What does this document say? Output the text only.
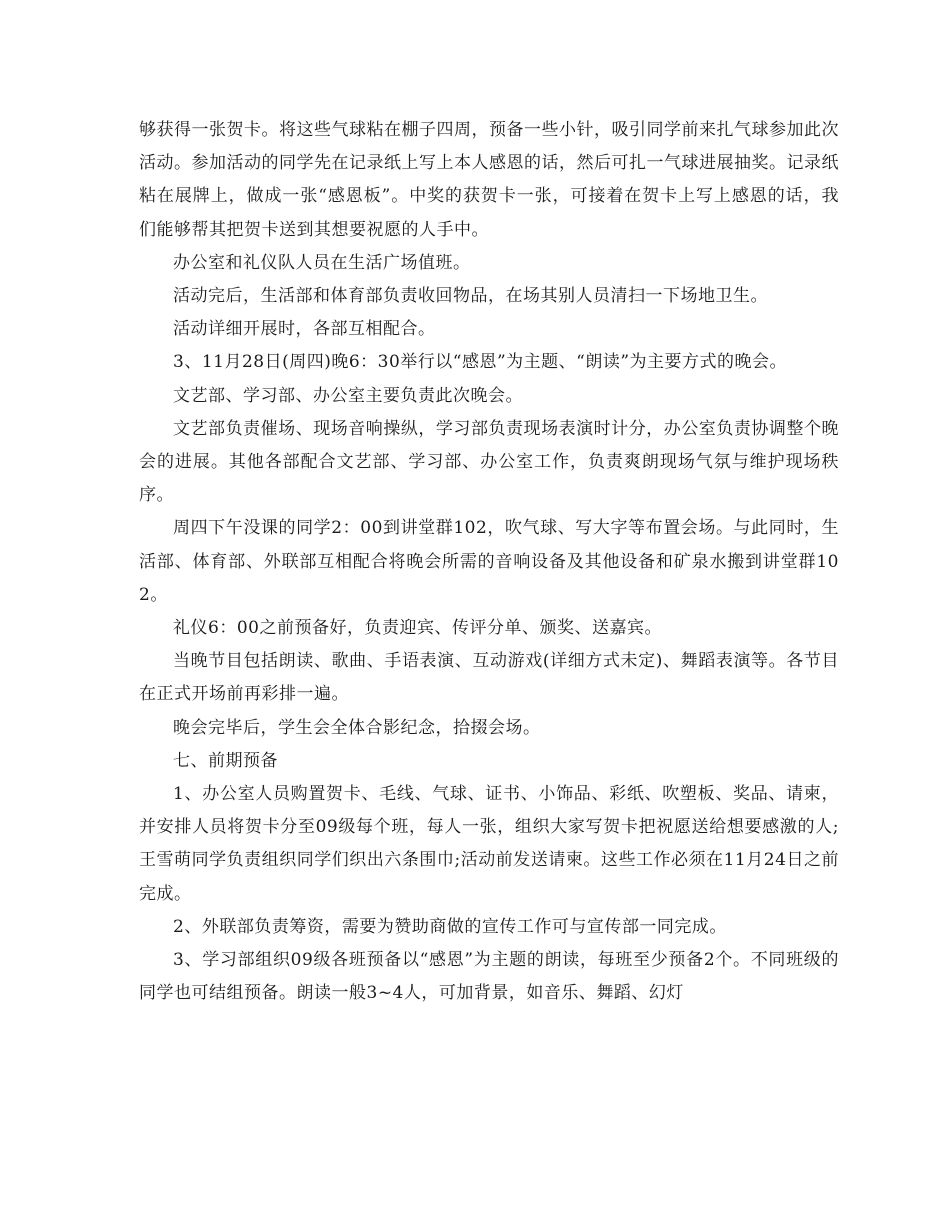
够获得一张贺卡。将这些气球粘在棚子四周，预备一些小针，吸引同学前来扎气球参加此次活动。参加活动的同学先在记录纸上写上本人感恩的话，然后可扎一气球进展抽奖。记录纸粘在展牌上，做成一张“感恩板”。中奖的获贺卡一张，可接着在贺卡上写上感恩的话，我们能够帮其把贺卡送到其想要祝愿的人手中。

办公室和礼仪队人员在生活广场值班。

活动完后，生活部和体育部负责收回物品，在场其别人员清扫一下场地卫生。

活动详细开展时，各部互相配合。

3、11月28日(周四)晚6：30举行以“感恩”为主题、“朗读”为主要方式的晚会。

文艺部、学习部、办公室主要负责此次晚会。

文艺部负责催场、现场音响操纵，学习部负责现场表演时计分，办公室负责协调整个晚会的进展。其他各部配合文艺部、学习部、办公室工作，负责爽朗现场气氛与维护现场秩序。

周四下午没课的同学2：00到讲堂群102，吹气球、写大字等布置会场。与此同时，生活部、体育部、外联部互相配合将晚会所需的音响设备及其他设备和矿泉水搬到讲堂群102。

礼仪6：00之前预备好，负责迎宾、传评分单、颁奖、送嘉宾。

当晚节目包括朗读、歌曲、手语表演、互动游戏(详细方式未定)、舞蹈表演等。各节目在正式开场前再彩排一遍。

晚会完毕后，学生会全体合影纪念，拾掇会场。

七、前期预备

1、办公室人员购置贺卡、毛线、气球、证书、小饰品、彩纸、吹塑板、奖品、请柬，并安排人员将贺卡分至09级每个班，每人一张，组织大家写贺卡把祝愿送给想要感激的人;王雪萌同学负责组织同学们织出六条围巾;活动前发送请柬。这些工作必须在11月24日之前完成。

2、外联部负责筹资，需要为赞助商做的宣传工作可与宣传部一同完成。

3、学习部组织09级各班预备以“感恩”为主题的朗读，每班至少预备2个。不同班级的同学也可结组预备。朗读一般3~4人，可加背景，如音乐、舞蹈、幻灯
